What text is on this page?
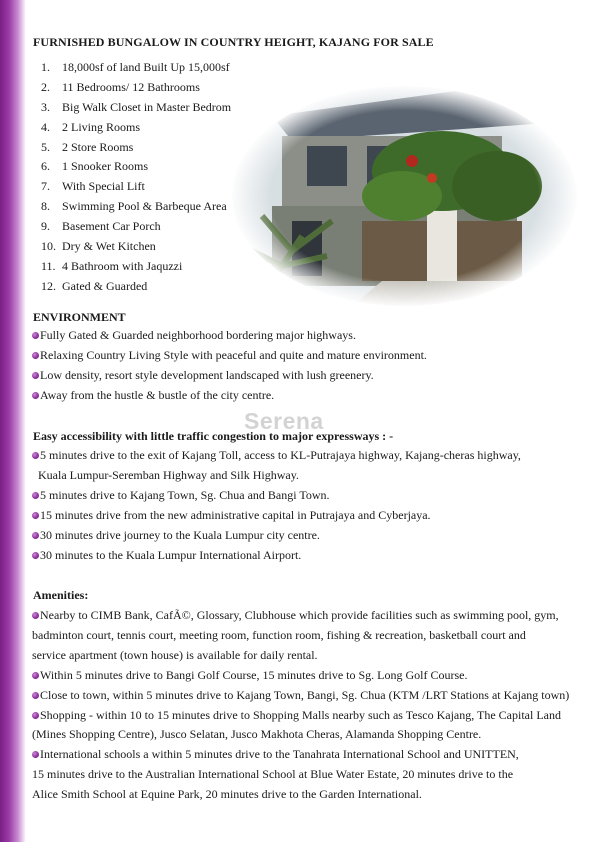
FURNISHED BUNGALOW IN COUNTRY HEIGHT, KAJANG FOR SALE
1. 18,000sf of land Built Up 15,000sf
2. 11 Bedrooms/ 12 Bathrooms
3. Big Walk Closet in Master Bedrom
4. 2 Living Rooms
5. 2 Store Rooms
6. 1 Snooker Rooms
7. With Special Lift
8. Swimming Pool & Barbeque Area
9. Basement Car Porch
10. Dry & Wet Kitchen
11. 4 Bathroom with Jaquzzi
12. Gated & Guarded
ENVIRONMENT
Fully Gated & Guarded neighborhood bordering major highways.
Relaxing Country Living Style with peaceful and quite and mature environment.
Low density, resort style development landscaped with lush greenery.
Away from the hustle & bustle of the city centre.
Serena
Easy accessibility with little traffic congestion to major expressways : -
5 minutes drive to the exit of Kajang Toll, access to KL-Putrajaya highway, Kajang-cheras highway,
Kuala Lumpur-Seremban Highway and Silk Highway.
5 minutes drive to Kajang Town, Sg. Chua and Bangi Town.
15 minutes drive from the new administrative capital in Putrajaya and Cyberjaya.
30 minutes drive journey to the Kuala Lumpur city centre.
30 minutes to the Kuala Lumpur International Airport.
Amenities:
Nearby to CIMB Bank, CafÃ©, Glossary, Clubhouse which provide facilities such as swimming pool, gym,
badminton court, tennis court, meeting room, function room, fishing & recreation, basketball court and
service apartment (town house) is available for daily rental.
Within 5 minutes drive to Bangi Golf Course, 15 minutes drive to Sg. Long Golf Course.
Close to town, within 5 minutes drive to Kajang Town, Bangi, Sg. Chua (KTM /LRT Stations at Kajang town)
Shopping - within 10 to 15 minutes drive to Shopping Malls nearby such as Tesco Kajang, The Capital Land
(Mines Shopping Centre), Jusco Selatan, Jusco Makhota Cheras, Alamanda Shopping Centre.
International schools a within 5 minutes drive to the Tanahrata International School and UNITTEN,
15 minutes drive to the Australian International School at Blue Water Estate, 20 minutes drive to the
Alice Smith School at Equine Park, 20 minutes drive to the Garden International.
